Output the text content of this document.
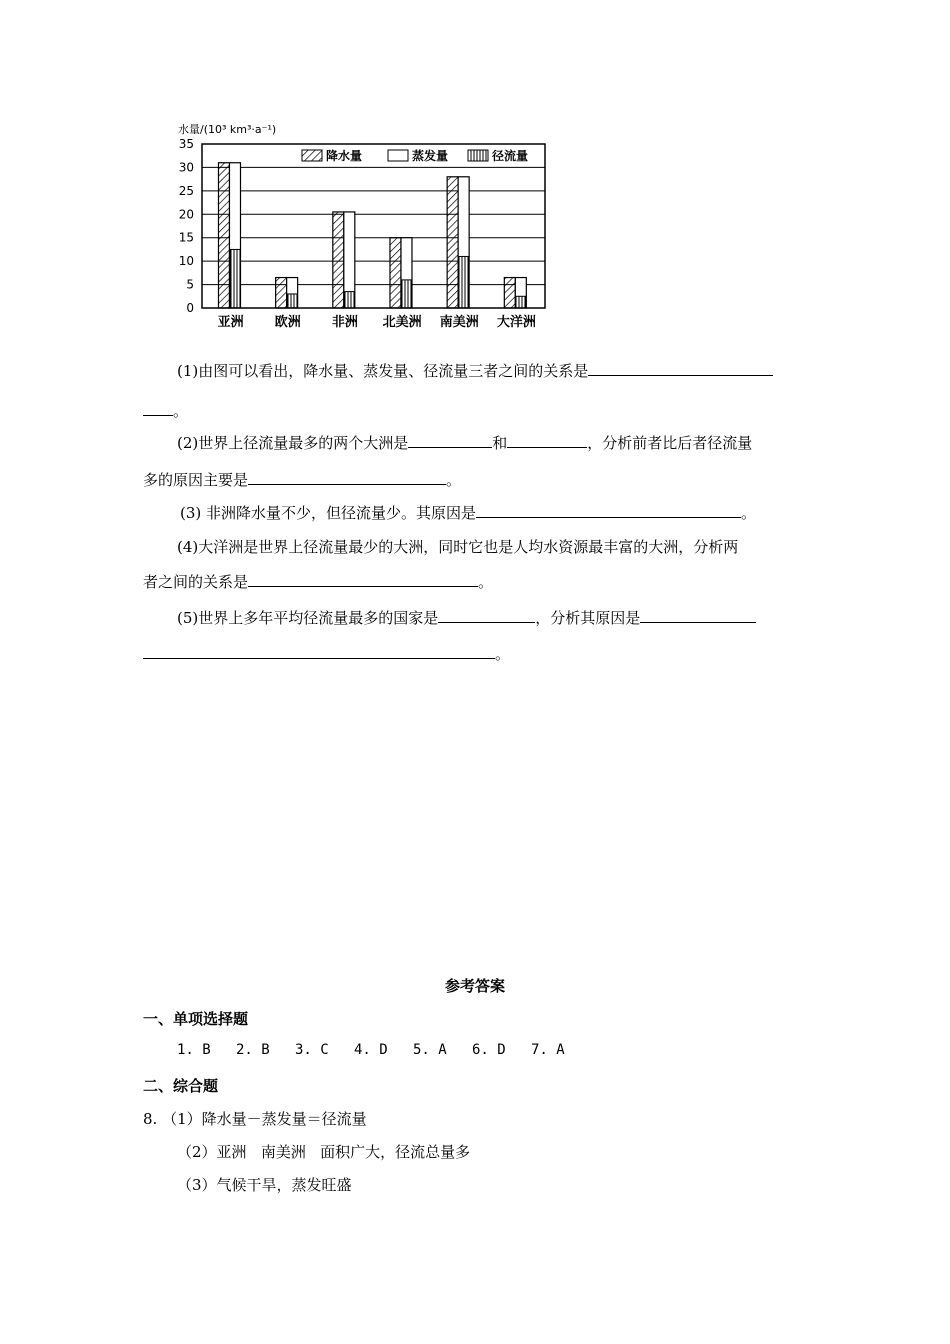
0
5
10
15
20
25
30
35
水量/(10³ km³·a⁻¹)
亚洲 欧洲 非洲 北美洲 南美洲 大洋洲
降水量	蒸发量	径流量
(1)由图可以看出，降水量、蒸发量、径流量三者之间的关系是
。
(2)世界上径流量最多的两个大洲是	和	，分析前者比后者径流量
多的原因主要是	。
(3) 非洲降水量不少，但径流量少。其原因是	。
(4)大洋洲是世界上径流量最少的大洲，同时它也是人均水资源最丰富的大洲，分析两
者之间的关系是	。
(5)世界上多年平均径流量最多的国家是	，分析其原因是
。
参考答案
一、单项选择题
1. B   2. B   3. C   4. D   5. A   6. D   7. A
二、综合题
8. （1）降水量－蒸发量＝径流量
（2）亚洲   南美洲   面积广大，径流总量多
（3）气候干旱，蒸发旺盛
